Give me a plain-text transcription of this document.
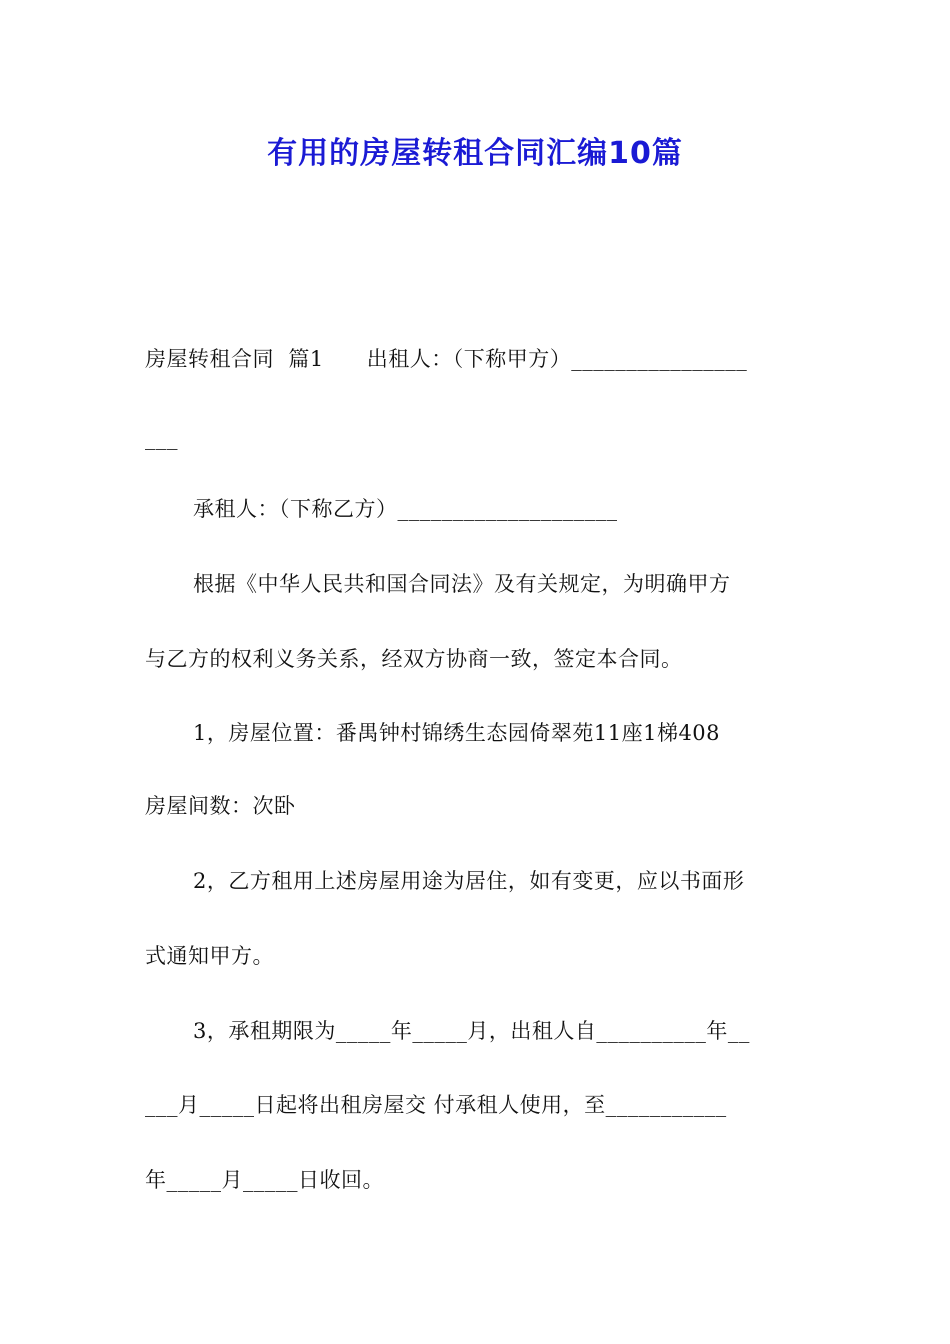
有用的房屋转租合同汇编10篇

房屋转租合同  篇1      出租人：（下称甲方）________________

___

承租人：（下称乙方）____________________

根据《中华人民共和国合同法》及有关规定，为明确甲方

与乙方的权利义务关系，经双方协商一致，签定本合同。

1，房屋位置：番禺钟村锦绣生态园倚翠苑11座1梯408

房屋间数：次卧

2，乙方租用上述房屋用途为居住，如有变更，应以书面形

式通知甲方。

3，承租期限为_____年_____月，出租人自__________年__

___月_____日起将出租房屋交 付承租人使用，至___________

年_____月_____日收回。
